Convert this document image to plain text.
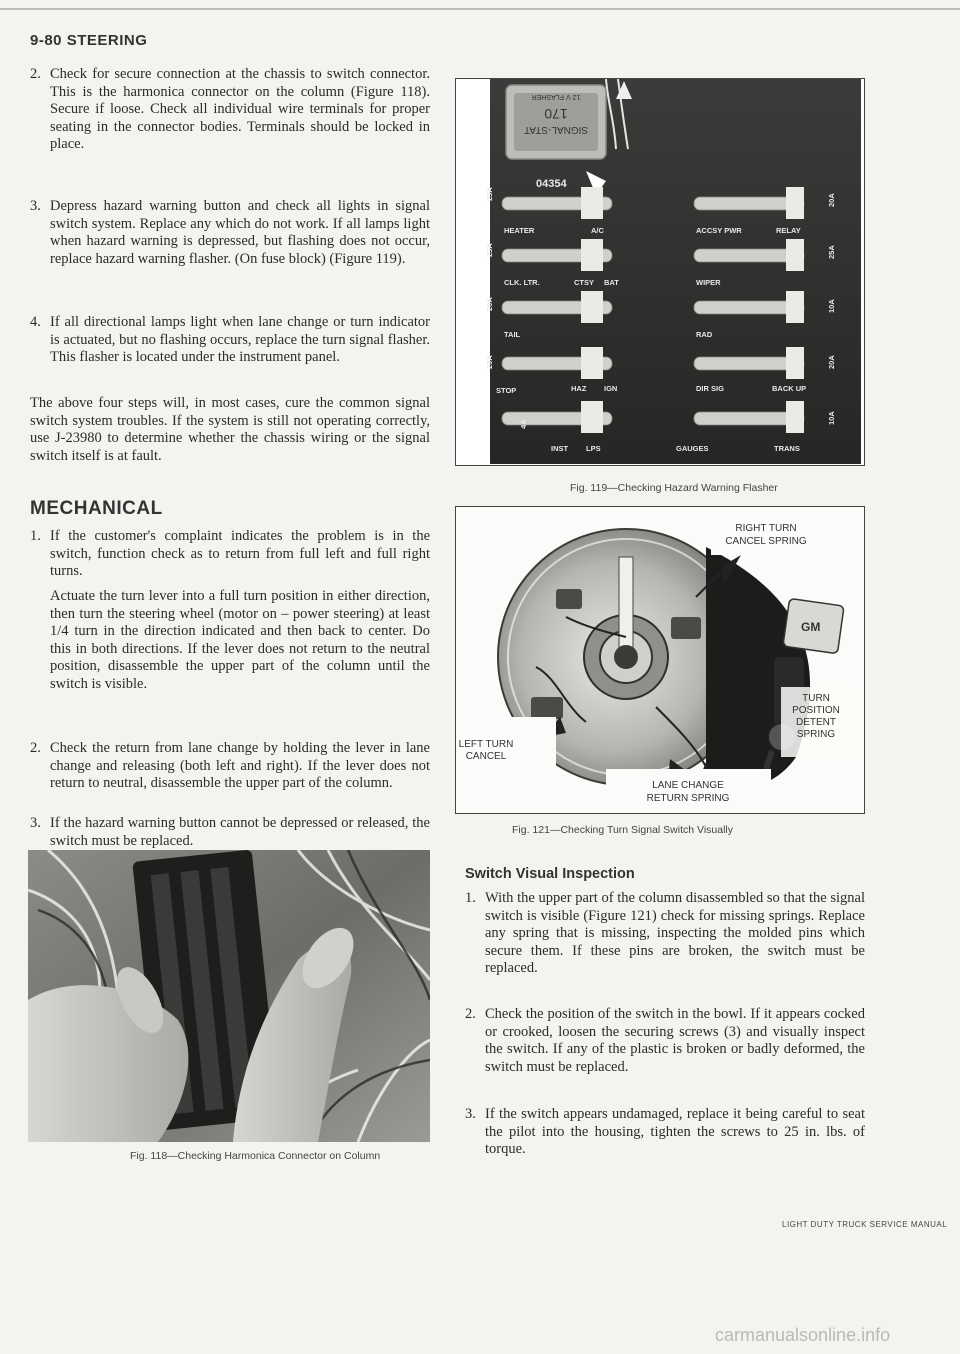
9-80 STEERING
2. Check for secure connection at the chassis to switch connector. This is the harmonica connector on the column (Figure 118). Secure if loose. Check all individual wire terminals for proper seating in the connector bodies. Terminals should be locked in place.
3. Depress hazard warning button and check all lights in signal switch system. Replace any which do not work. If all lamps light when hazard warning is depressed, but flashing does not occur, replace hazard warning flasher. (On fuse block) (Figure 119).
4. If all directional lamps light when lane change or turn indicator is actuated, but no flashing occurs, replace the turn signal flasher. This flasher is located under the instrument panel.
The above four steps will, in most cases, cure the common signal switch system troubles. If the system is still not operating correctly, use J-23980 to determine whether the chassis wiring or the signal switch itself is at fault.
MECHANICAL
1. If the customer's complaint indicates the problem is in the switch, function check as to return from full left and full right turns.
Actuate the turn lever into a full turn position in either direction, then turn the steering wheel (motor on – power steering) at least 1/4 turn in the direction indicated and then back to center. Do this in both directions. If the lever does not return to the neutral position, disassemble the upper part of the column until the switch is visible.
2. Check the return from lane change by holding the lever in lane change and releasing (both left and right). If the lever does not return to neutral, disassemble the upper part of the column.
3. If the hazard warning button cannot be depressed or released, the switch must be replaced.
Fig. 118—Checking Harmonica Connector on Column
170
SIGNAL-STAT
12 V FLASHER
04354
HEATER	A/C	ACCSY PWR	RELAY
CLK. LTR.	CTSY BAT	WIPER
TAIL	RAD
STOP	HAZ IGN	DIR SIG	BACK UP
INST LPS	GAUGES	TRANS
25A	20A
25A	25A
20A	10A
20A	20A
4A	10A
Fig. 119—Checking Hazard Warning Flasher
GM
RIGHT TURN
CANCEL SPRING
TURN
POSITION
DETENT
SPRING
LEFT TURN
CANCEL
LANE CHANGE
RETURN SPRING
Fig. 121—Checking Turn Signal Switch Visually
Switch Visual Inspection
1. With the upper part of the column disassembled so that the signal switch is visible (Figure 121) check for missing springs. Replace any spring that is missing, inspecting the molded pins which secure them. If these pins are broken, the switch must be replaced.
2. Check the position of the switch in the bowl. If it appears cocked or crooked, loosen the securing screws (3) and visually inspect the switch. If any of the plastic is broken or badly deformed, the switch must be replaced.
3. If the switch appears undamaged, replace it being careful to seat the pilot into the housing, tighten the screws to 25 in. lbs. of torque.
LIGHT DUTY TRUCK SERVICE MANUAL
carmanualsonline.info
